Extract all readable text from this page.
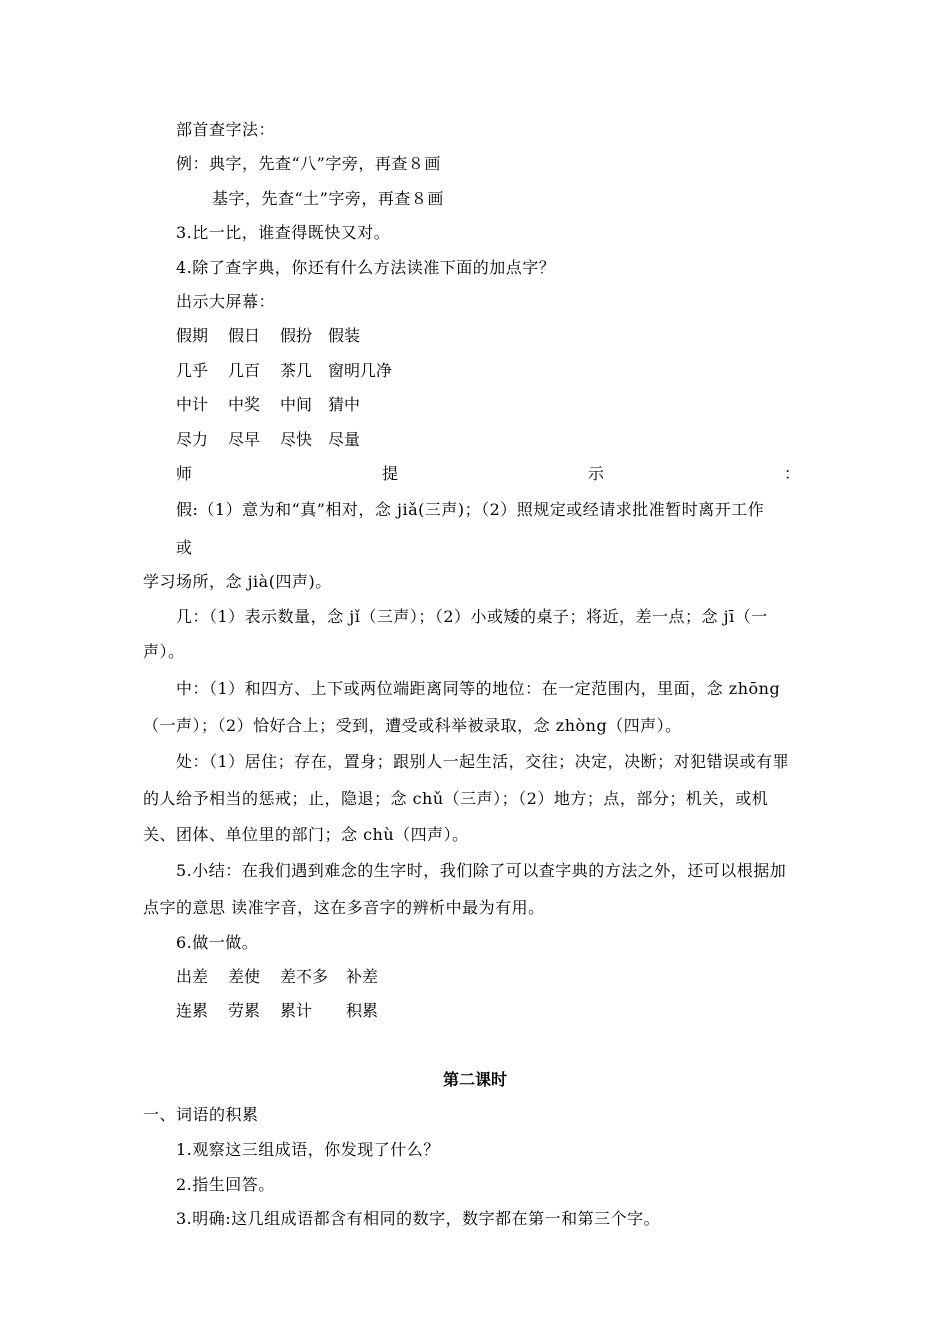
部首查字法：
例：典字，先查“八”字旁，再查８画
基字，先查“土”字旁，再查８画
3.比一比，谁查得既快又对。
4.除了查字典，你还有什么方法读准下面的加点字？
出示大屏幕：
假期 假日 假扮 假装
几乎 几百 茶几 窗明几净
中计 中奖 中间 猜中
尽力 尽早 尽快 尽量
师	提	示	：
假:（1）意为和“真”相对，念 jiǎ(三声)；（2）照规定或经请求批准暂时离开工作
或
学习场所，念 jià(四声)。
几：（1）表示数量，念 jǐ（三声）；（2）小或矮的桌子；将近，差一点；念 jī（一
声）。
中：（1）和四方、上下或两位端距离同等的地位：在一定范围内，里面，念 zhōng
（一声）；（2）恰好合上；受到，遭受或科举被录取，念 zhòng（四声）。
处：（1）居住；存在，置身；跟别人一起生活，交往；决定，决断；对犯错误或有罪
的人给予相当的惩戒；止，隐退；念 chǔ（三声）；（2）地方；点，部分；机关，或机
关、团体、单位里的部门；念 chù（四声）。
5.小结：在我们遇到难念的生字时，我们除了可以查字典的方法之外，还可以根据加
点字的意思 读准字音，这在多音字的辨析中最为有用。
6.做一做。
出差 差使 差不多 补差
连累 劳累 累计 积累
第二课时
一、词语的积累
1.观察这三组成语，你发现了什么？
2.指生回答。
3.明确:这几组成语都含有相同的数字，数字都在第一和第三个字。
